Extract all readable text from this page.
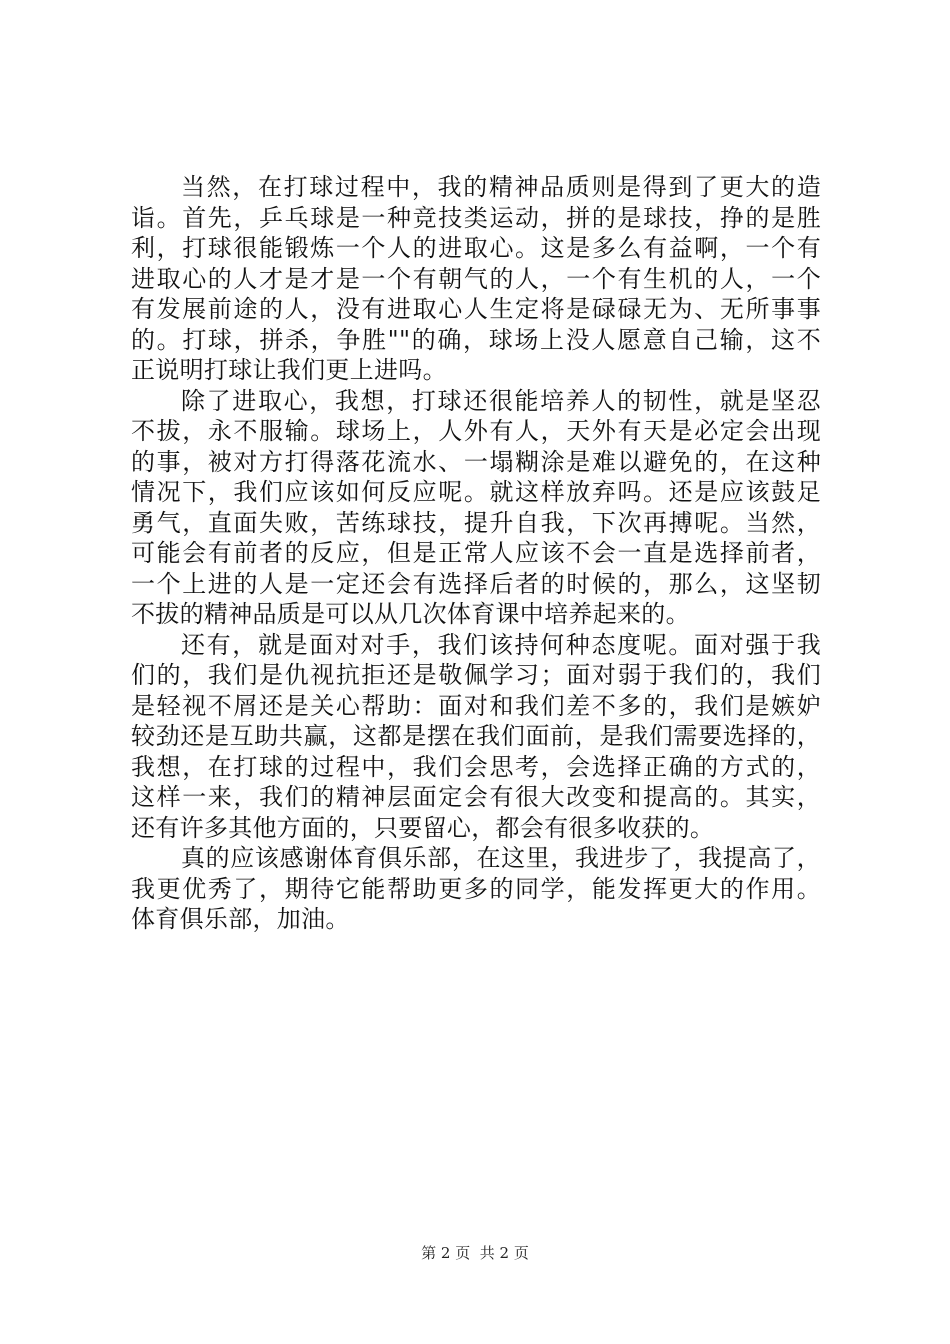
当然，在打球过程中，我的精神品质则是得到了更大的造
诣。首先，乒乓球是一种竞技类运动，拼的是球技，挣的是胜
利，打球很能锻炼一个人的进取心。这是多么有益啊，一个有
进取心的人才是才是一个有朝气的人，一个有生机的人，一个
有发展前途的人，没有进取心人生定将是碌碌无为、无所事事
的。打球，拼杀，争胜""的确，球场上没人愿意自己输，这不
正说明打球让我们更上进吗。
除了进取心，我想，打球还很能培养人的韧性，就是坚忍
不拔，永不服输。球场上，人外有人，天外有天是必定会出现
的事，被对方打得落花流水、一塌糊涂是难以避免的，在这种
情况下，我们应该如何反应呢。就这样放弃吗。还是应该鼓足
勇气，直面失败，苦练球技，提升自我，下次再搏呢。当然，
可能会有前者的反应，但是正常人应该不会一直是选择前者，
一个上进的人是一定还会有选择后者的时候的，那么，这坚韧
不拔的精神品质是可以从几次体育课中培养起来的。
还有，就是面对对手，我们该持何种态度呢。面对强于我
们的，我们是仇视抗拒还是敬佩学习；面对弱于我们的，我们
是轻视不屑还是关心帮助：面对和我们差不多的，我们是嫉妒
较劲还是互助共赢，这都是摆在我们面前，是我们需要选择的，
我想，在打球的过程中，我们会思考，会选择正确的方式的，
这样一来，我们的精神层面定会有很大改变和提高的。其实，
还有许多其他方面的，只要留心，都会有很多收获的。
真的应该感谢体育俱乐部，在这里，我进步了，我提高了，
我更优秀了，期待它能帮助更多的同学，能发挥更大的作用。
体育俱乐部，加油。
第 2 页  共 2 页
